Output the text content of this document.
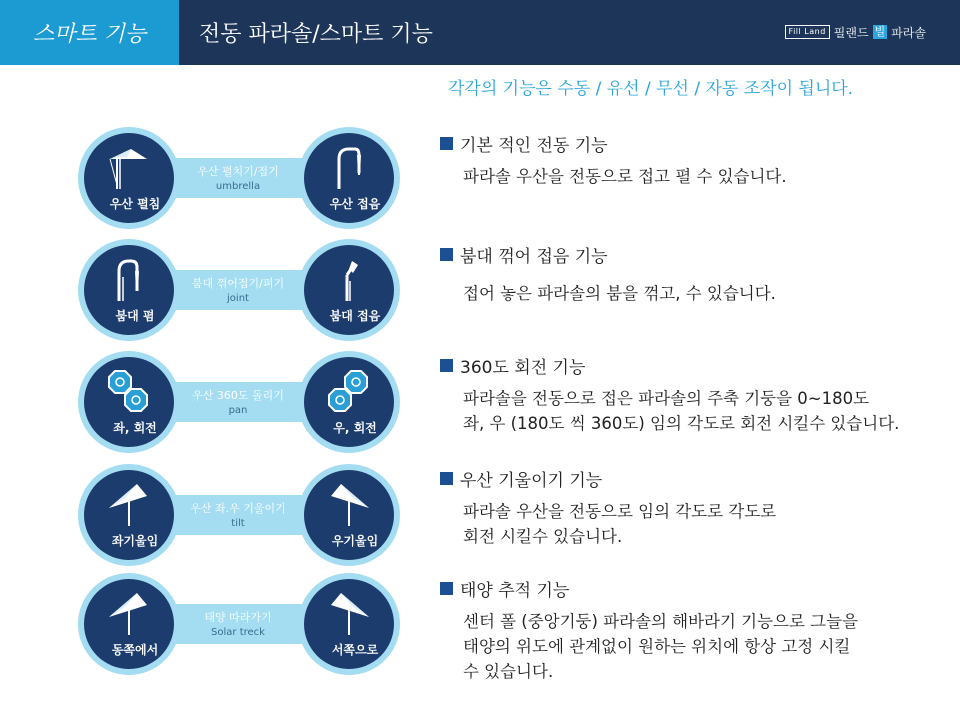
스마트 기능	전동 파라솔/스마트 기능	Fill Land 필랜드 빌 파라솔
각각의 기능은 수동 / 유선 / 무선 / 자동 조작이 됩니다.
우산 펼치기/접기
umbrella
우산 펼침	우산 접음
붐대 꺾어접기/펴기
joint
붐대 폄	붐대 접음
우산 360도 돌리기
pan
좌, 회전	우, 회전
우산 좌.우 기울이기
tilt
좌기울임	우기울임
태양 따라가기
Solar treck
동쪽에서	서쪽으로
기본 적인 전동 기능
파라솔 우산을 전동으로 접고 펼 수 있습니다.
붐대 꺾어 접음 기능
접어 놓은 파라솔의 붐을 꺾고, 수 있습니다.
360도 회전 기능
파라솔을 전동으로 접은 파라솔의 주축 기둥을 0~180도
좌, 우 (180도 씩 360도) 임의 각도로 회전 시킬수 있습니다.
우산 기울이기 기능
파라솔 우산을 전동으로 임의 각도로 각도로
회전 시킬수 있습니다.
태양 추적 기능
센터 폴 (중앙기둥) 파라솔의 해바라기 기능으로 그늘을
태양의 위도에 관계없이 원하는 위치에 항상 고정 시킬
수 있습니다.
